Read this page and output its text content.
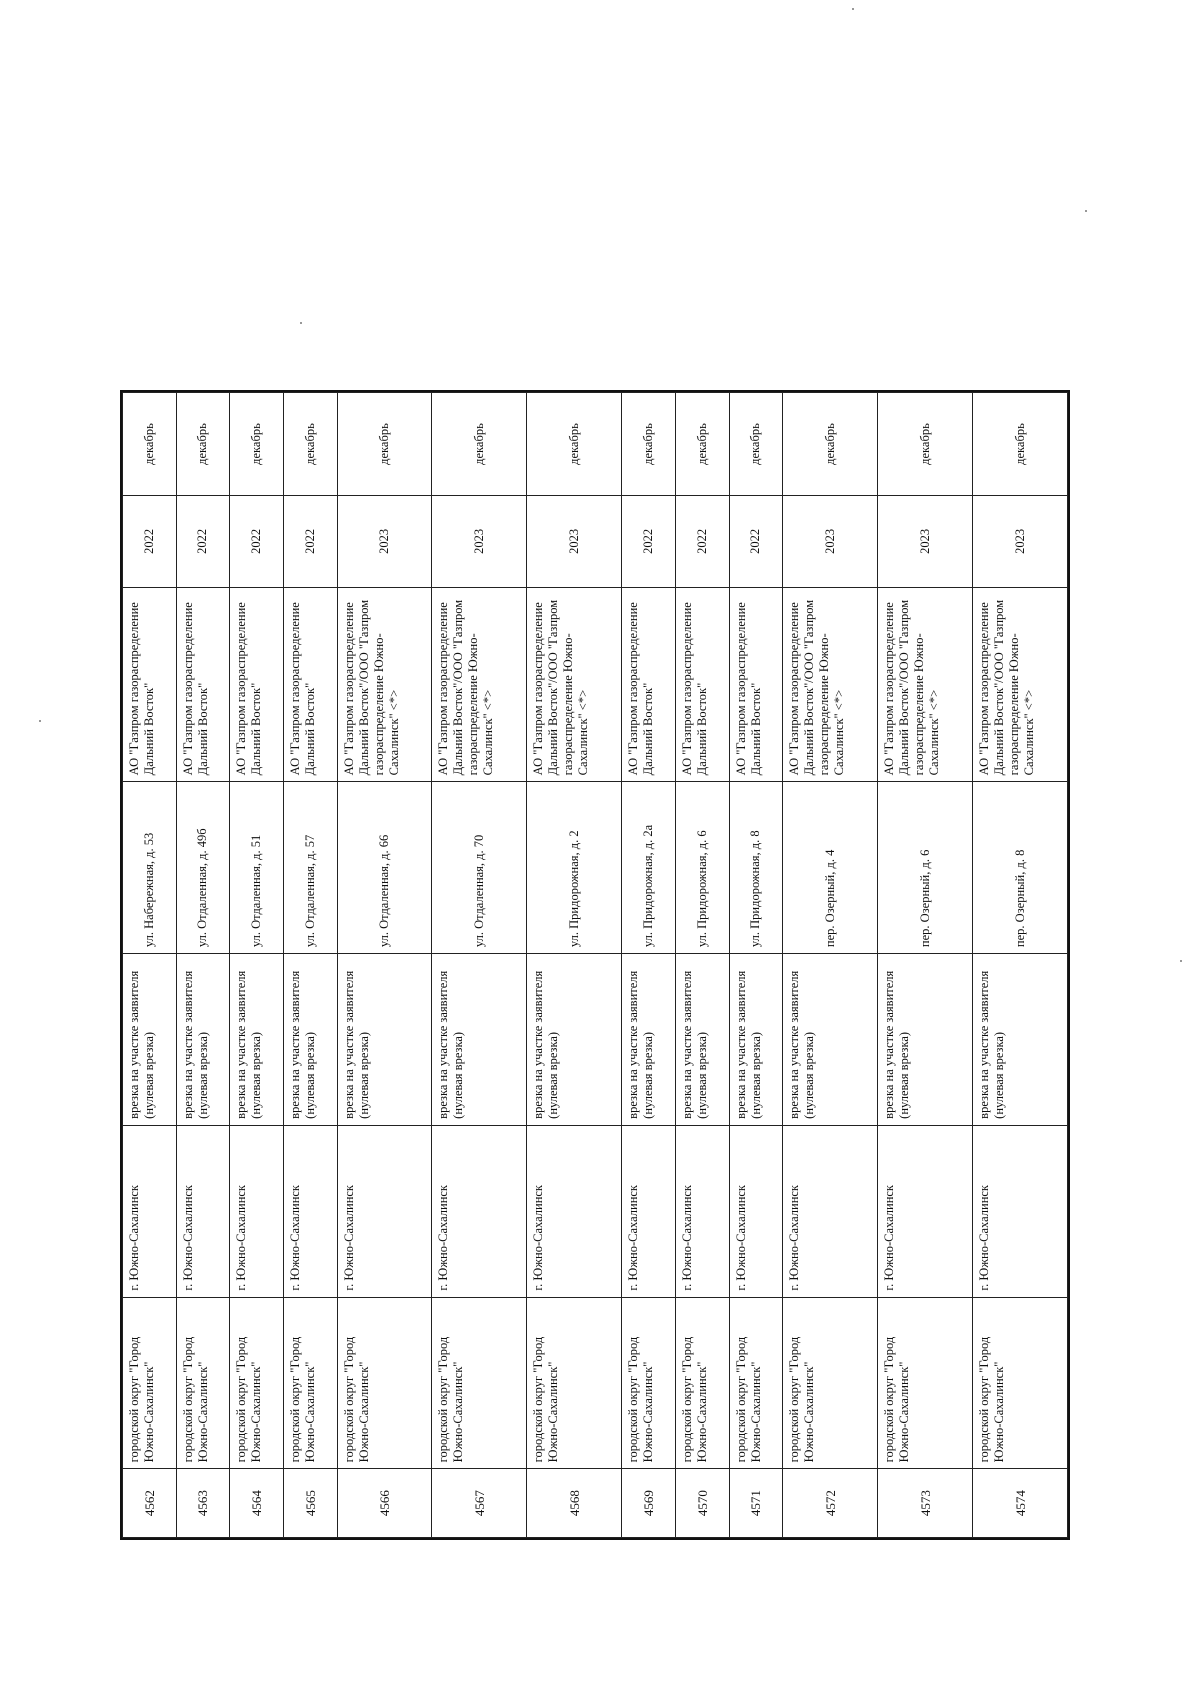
4562	городской округ "Город Южно-Сахалинск"	г. Южно-Сахалинск	врезка на участке заявителя (нулевая врезка)	ул. Набережная, д. 53	АО "Газпром газораспределение Дальний Восток"	2022	декабрь
4563	городской округ "Город Южно-Сахалинск"	г. Южно-Сахалинск	врезка на участке заявителя (нулевая врезка)	ул. Отдаленная, д. 49б	АО "Газпром газораспределение Дальний Восток"	2022	декабрь
4564	городской округ "Город Южно-Сахалинск"	г. Южно-Сахалинск	врезка на участке заявителя (нулевая врезка)	ул. Отдаленная, д. 51	АО "Газпром газораспределение Дальний Восток"	2022	декабрь
4565	городской округ "Город Южно-Сахалинск"	г. Южно-Сахалинск	врезка на участке заявителя (нулевая врезка)	ул. Отдаленная, д. 57	АО "Газпром газораспределение Дальний Восток"	2022	декабрь
4566	городской округ "Город Южно-Сахалинск"	г. Южно-Сахалинск	врезка на участке заявителя (нулевая врезка)	ул. Отдаленная, д. 66	АО "Газпром газораспределение Дальний Восток"/ООО "Газпром газораспределение Южно-Сахалинск" <*>	2023	декабрь
4567	городской округ "Город Южно-Сахалинск"	г. Южно-Сахалинск	врезка на участке заявителя (нулевая врезка)	ул. Отдаленная, д. 70	АО "Газпром газораспределение Дальний Восток"/ООО "Газпром газораспределение Южно-Сахалинск" <*>	2023	декабрь
4568	городской округ "Город Южно-Сахалинск"	г. Южно-Сахалинск	врезка на участке заявителя (нулевая врезка)	ул. Придорожная, д. 2	АО "Газпром газораспределение Дальний Восток"/ООО "Газпром газораспределение Южно-Сахалинск" <*>	2023	декабрь
4569	городской округ "Город Южно-Сахалинск"	г. Южно-Сахалинск	врезка на участке заявителя (нулевая врезка)	ул. Придорожная, д. 2а	АО "Газпром газораспределение Дальний Восток"	2022	декабрь
4570	городской округ "Город Южно-Сахалинск"	г. Южно-Сахалинск	врезка на участке заявителя (нулевая врезка)	ул. Придорожная, д. 6	АО "Газпром газораспределение Дальний Восток"	2022	декабрь
4571	городской округ "Город Южно-Сахалинск"	г. Южно-Сахалинск	врезка на участке заявителя (нулевая врезка)	ул. Придорожная, д. 8	АО "Газпром газораспределение Дальний Восток"	2022	декабрь
4572	городской округ "Город Южно-Сахалинск"	г. Южно-Сахалинск	врезка на участке заявителя (нулевая врезка)	пер. Озерный, д. 4	АО "Газпром газораспределение Дальний Восток"/ООО "Газпром газораспределение Южно-Сахалинск" <*>	2023	декабрь
4573	городской округ "Город Южно-Сахалинск"	г. Южно-Сахалинск	врезка на участке заявителя (нулевая врезка)	пер. Озерный, д. 6	АО "Газпром газораспределение Дальний Восток"/ООО "Газпром газораспределение Южно-Сахалинск" <*>	2023	декабрь
4574	городской округ "Город Южно-Сахалинск"	г. Южно-Сахалинск	врезка на участке заявителя (нулевая врезка)	пер. Озерный, д. 8	АО "Газпром газораспределение Дальний Восток"/ООО "Газпром газораспределение Южно-Сахалинск" <*>	2023	декабрь
